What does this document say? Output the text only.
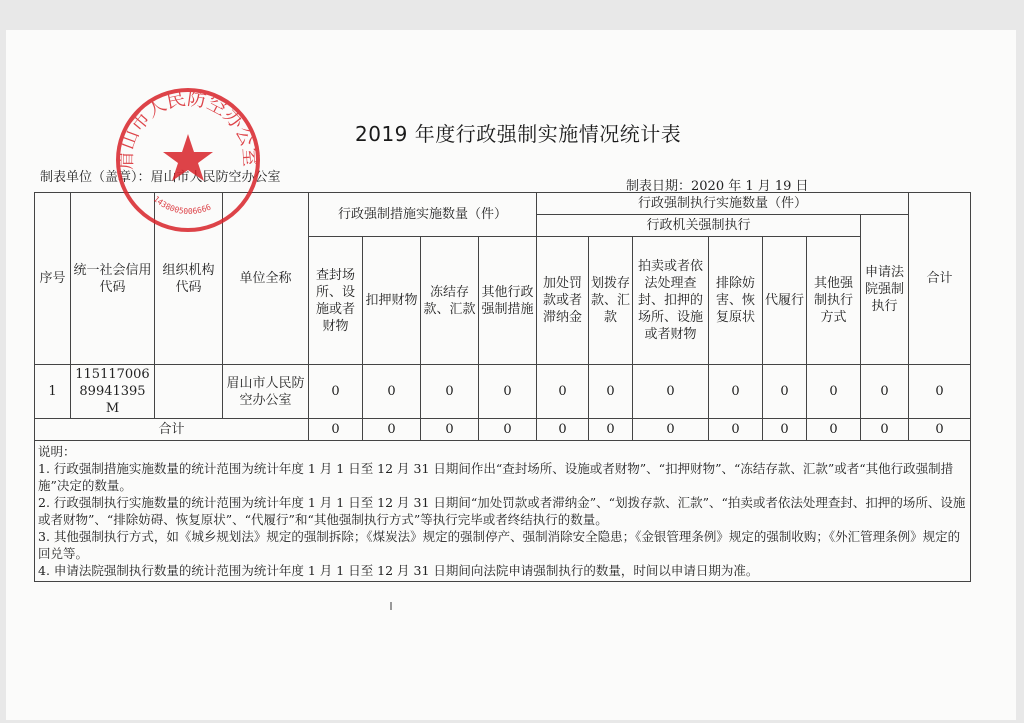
2019 年度行政强制实施情况统计表
制表单位（盖章）：眉山市人民防空办公室
制表日期：2020 年 1 月 19 日
序号	统一社会信用代码	组织机构代码	单位全称	行政强制措施实施数量（件）				行政强制执行实施数量（件）							合计
								行政机关强制执行						申请法院强制执行	
				查封场所、设施或者财物	扣押财物	冻结存款、汇款	其他行政强制措施	加处罚款或者滞纳金	划拨存款、汇款	拍卖或者依法处理查封、扣押的场所、设施或者财物	排除妨害、恢复原状	代履行	其他强制执行方式		
1	11511700689941395M		眉山市人民防空办公室	0	0	0	0	0	0	0	0	0	0	0	0
合计				0	0	0	0	0	0	0	0	0	0	0	0

说明：
1. 行政强制措施实施数量的统计范围为统计年度 1 月 1 日至 12 月 31 日期间作出“查封场所、设施或者财物”、“扣押财物”、“冻结存款、汇款”或者“其他行政强制措施”决定的数量。
2. 行政强制执行实施数量的统计范围为统计年度 1 月 1 日至 12 月 31 日期间“加处罚款或者滞纳金”、“划拨存款、汇款”、“拍卖或者依法处理查封、扣押的场所、设施或者财物”、“排除妨碍、恢复原状”、“代履行”和“其他强制执行方式”等执行完毕或者终结执行的数量。
3. 其他强制执行方式，如《城乡规划法》规定的强制拆除；《煤炭法》规定的强制停产、强制消除安全隐患；《金银管理条例》规定的强制收购；《外汇管理条例》规定的回兑等。
4. 申请法院强制执行数量的统计范围为统计年度 1 月 1 日至 12 月 31 日期间向法院申请强制执行的数量，时间以申请日期为准。															
眉山市人民防空办公室
1438005006666
